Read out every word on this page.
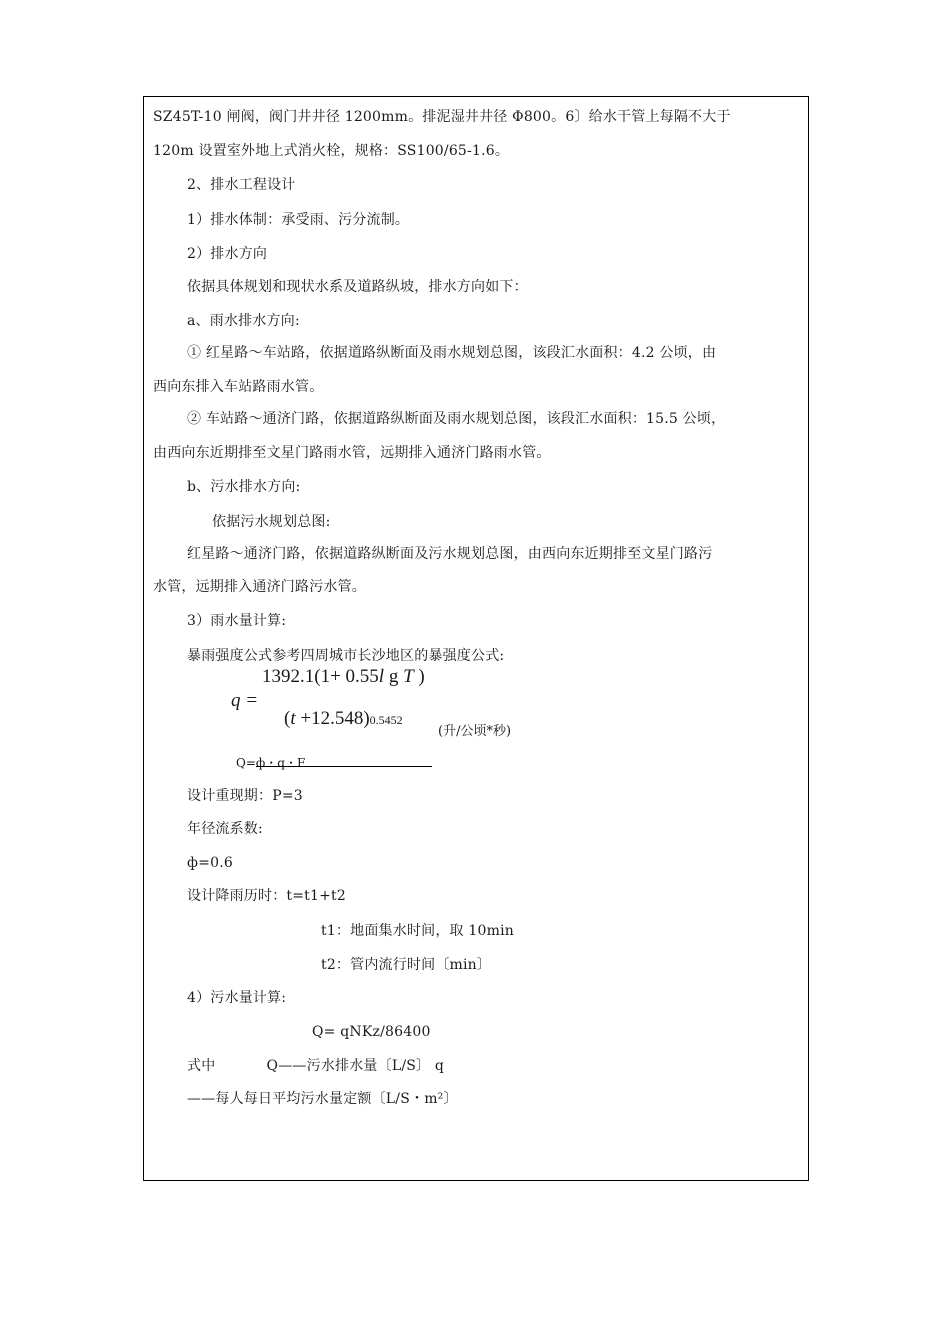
SZ45T-10 闸阀，阀门井井径 1200mm。排泥湿井井径 Φ800。6〕给水干管上每隔不大于
120m 设置室外地上式消火栓，规格：SS100/65-1.6。
2、排水工程设计
1）排水体制：承受雨、污分流制。
2）排水方向
依据具体规划和现状水系及道路纵坡，排水方向如下：
a、雨水排水方向:
① 红星路～车站路，依据道路纵断面及雨水规划总图，该段汇水面积：4.2 公顷，由
西向东排入车站路雨水管。
② 车站路～通济门路，依据道路纵断面及雨水规划总图，该段汇水面积：15.5 公顷，
由西向东近期排至文星门路雨水管，远期排入通济门路雨水管。
b、污水排水方向:
依据污水规划总图:
红星路～通济门路，依据道路纵断面及污水规划总图，由西向东近期排至文星门路污
水管，远期排入通济门路污水管。
3）雨水量计算:
暴雨强度公式参考四周城市长沙地区的暴强度公式:
1392.1(1+ 0.55l g T )
q =
(t +12.548)0.5452
(升/公顷*秒)
Q=ф・q・F
设计重现期：P=3
年径流系数:
ф=0.6
设计降雨历时：t=t1+t2
t1：地面集水时间，取 10min
t2：管内流行时间〔min〕
4）污水量计算:
Q= qNKz/86400
式中           Q——污水排水量〔L/S〕 q
——每人每日平均污水量定额〔L/S・m²〕
